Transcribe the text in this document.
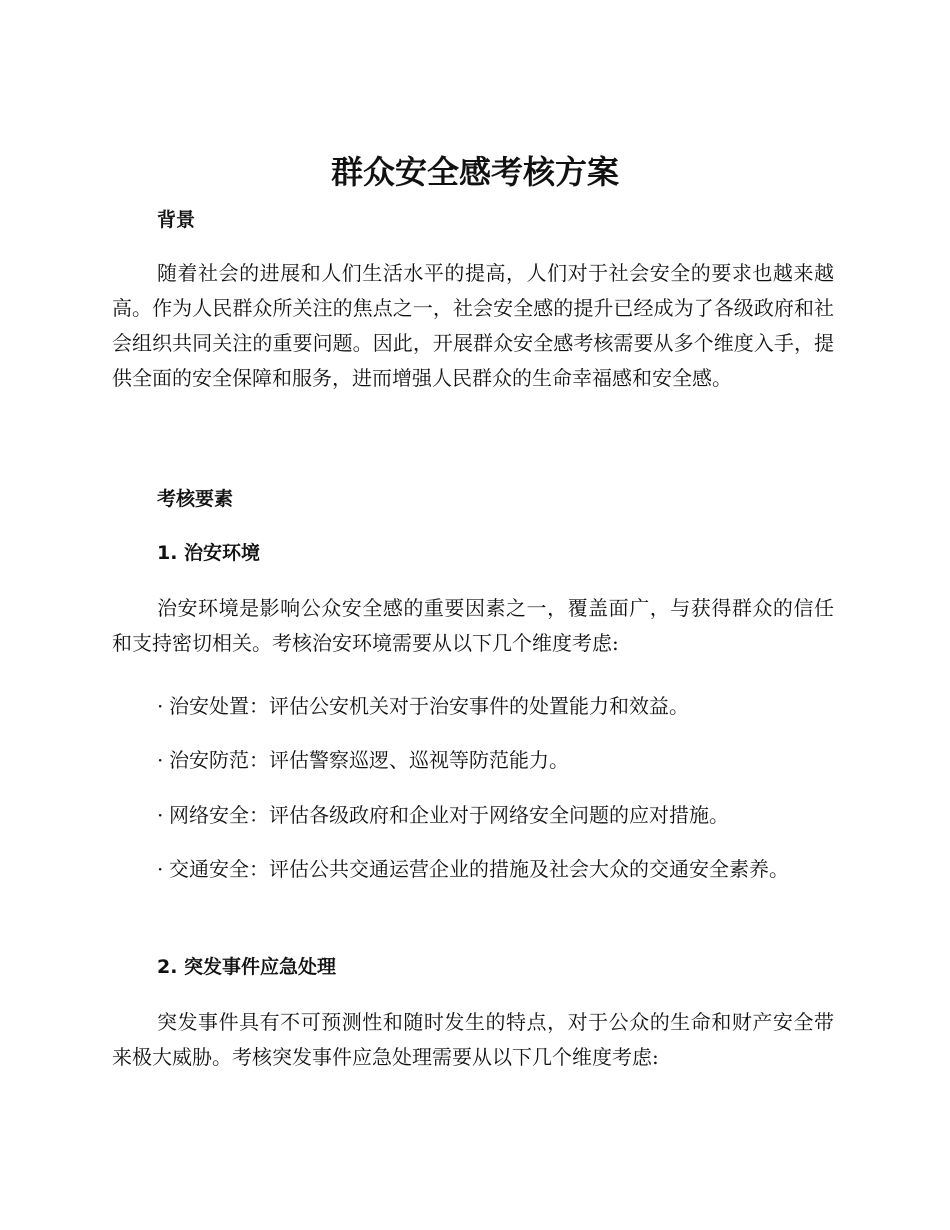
群众安全感考核方案
背景

随着社会的进展和人们生活水平的提高，人们对于社会安全的要求也越来越高。作为人民群众所关注的焦点之一，社会安全感的提升已经成为了各级政府和社会组织共同关注的重要问题。因此，开展群众安全感考核需要从多个维度入手，提供全面的安全保障和服务，进而增强人民群众的生命幸福感和安全感。

考核要素
1. 治安环境

治安环境是影响公众安全感的重要因素之一，覆盖面广，与获得群众的信任和支持密切相关。考核治安环境需要从以下几个维度考虑:

· 治安处置：评估公安机关对于治安事件的处置能力和效益。

· 治安防范：评估警察巡逻、巡视等防范能力。

· 网络安全：评估各级政府和企业对于网络安全问题的应对措施。

· 交通安全：评估公共交通运营企业的措施及社会大众的交通安全素养。

2. 突发事件应急处理

突发事件具有不可预测性和随时发生的特点，对于公众的生命和财产安全带来极大威胁。考核突发事件应急处理需要从以下几个维度考虑:
